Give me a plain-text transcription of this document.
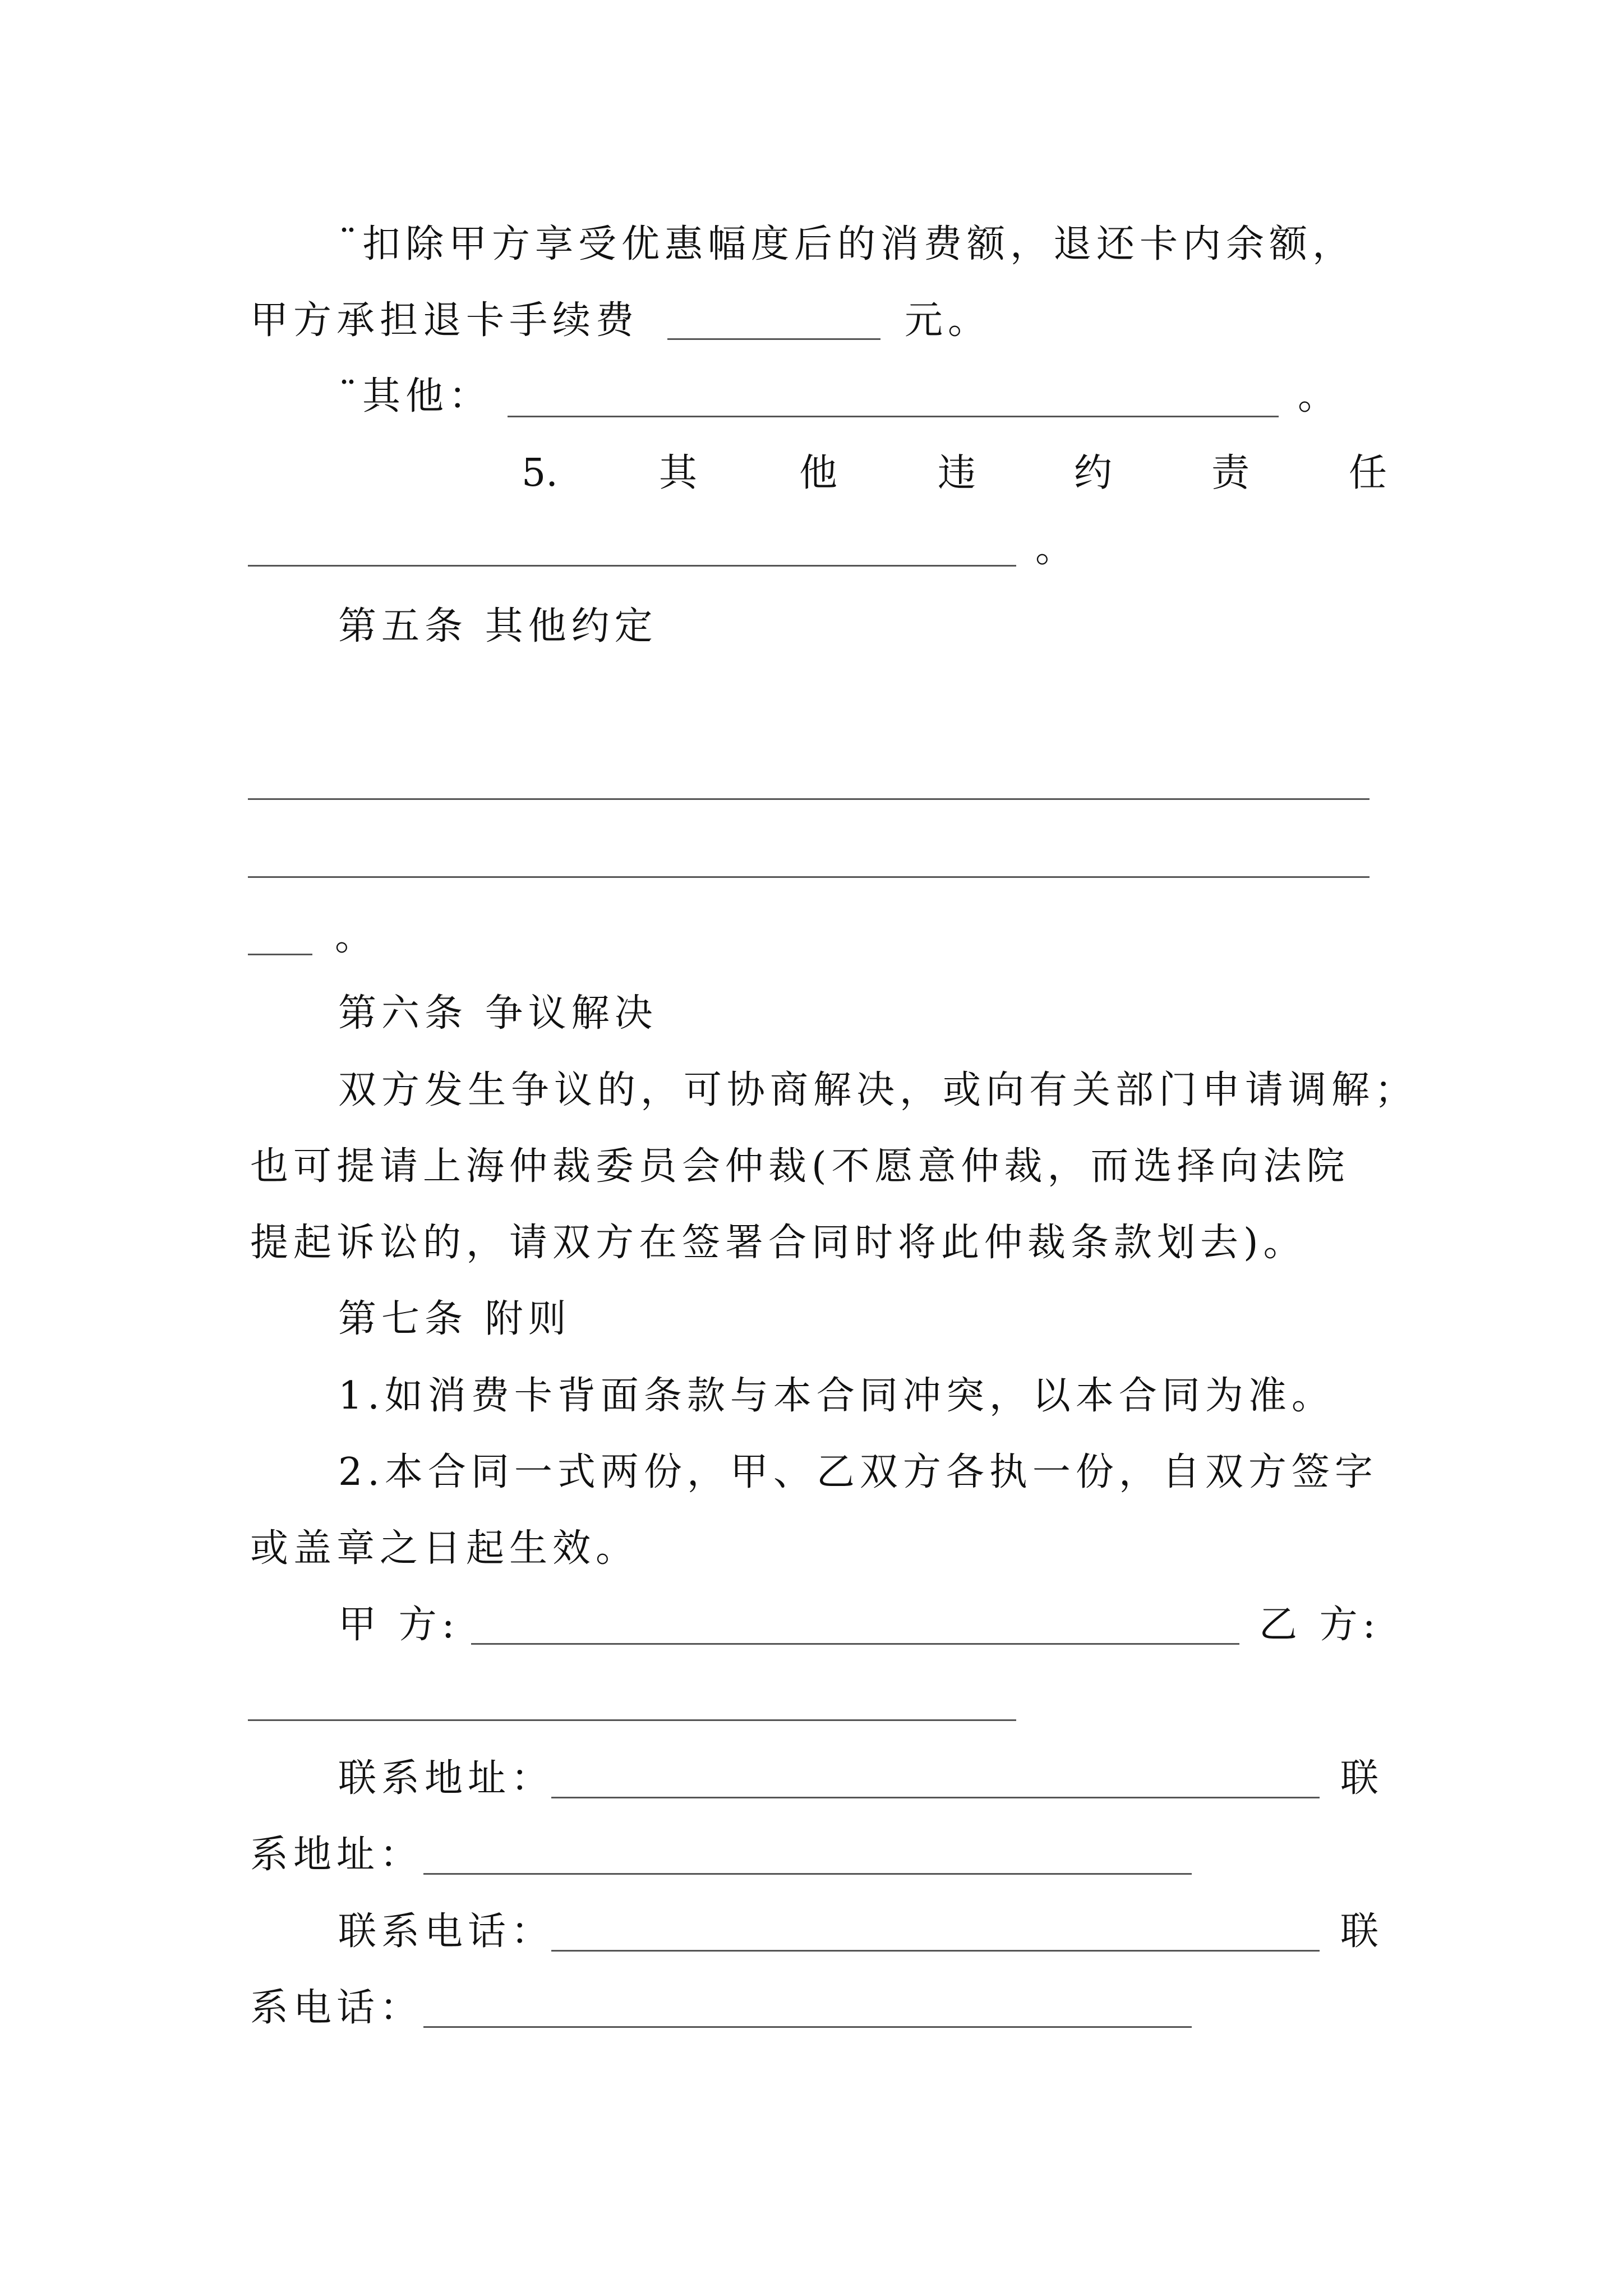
¨扣除甲方享受优惠幅度后的消费额，退还卡内余额，
甲方承担退卡手续费	元。
¨其他：	。
5.	其	他	违	约	责	任
。
第五条 其他约定
。
第六条 争议解决
双方发生争议的，可协商解决，或向有关部门申请调解；
也可提请上海仲裁委员会仲裁(不愿意仲裁，而选择向法院
提起诉讼的，请双方在签署合同时将此仲裁条款划去)。
第七条 附则
1.如消费卡背面条款与本合同冲突，以本合同为准。
2.本合同一式两份，甲、乙双方各执一份，自双方签字
或盖章之日起生效。
甲 方:	乙 方:
联系地址：	联
系地址：
联系电话：	联
系电话：
